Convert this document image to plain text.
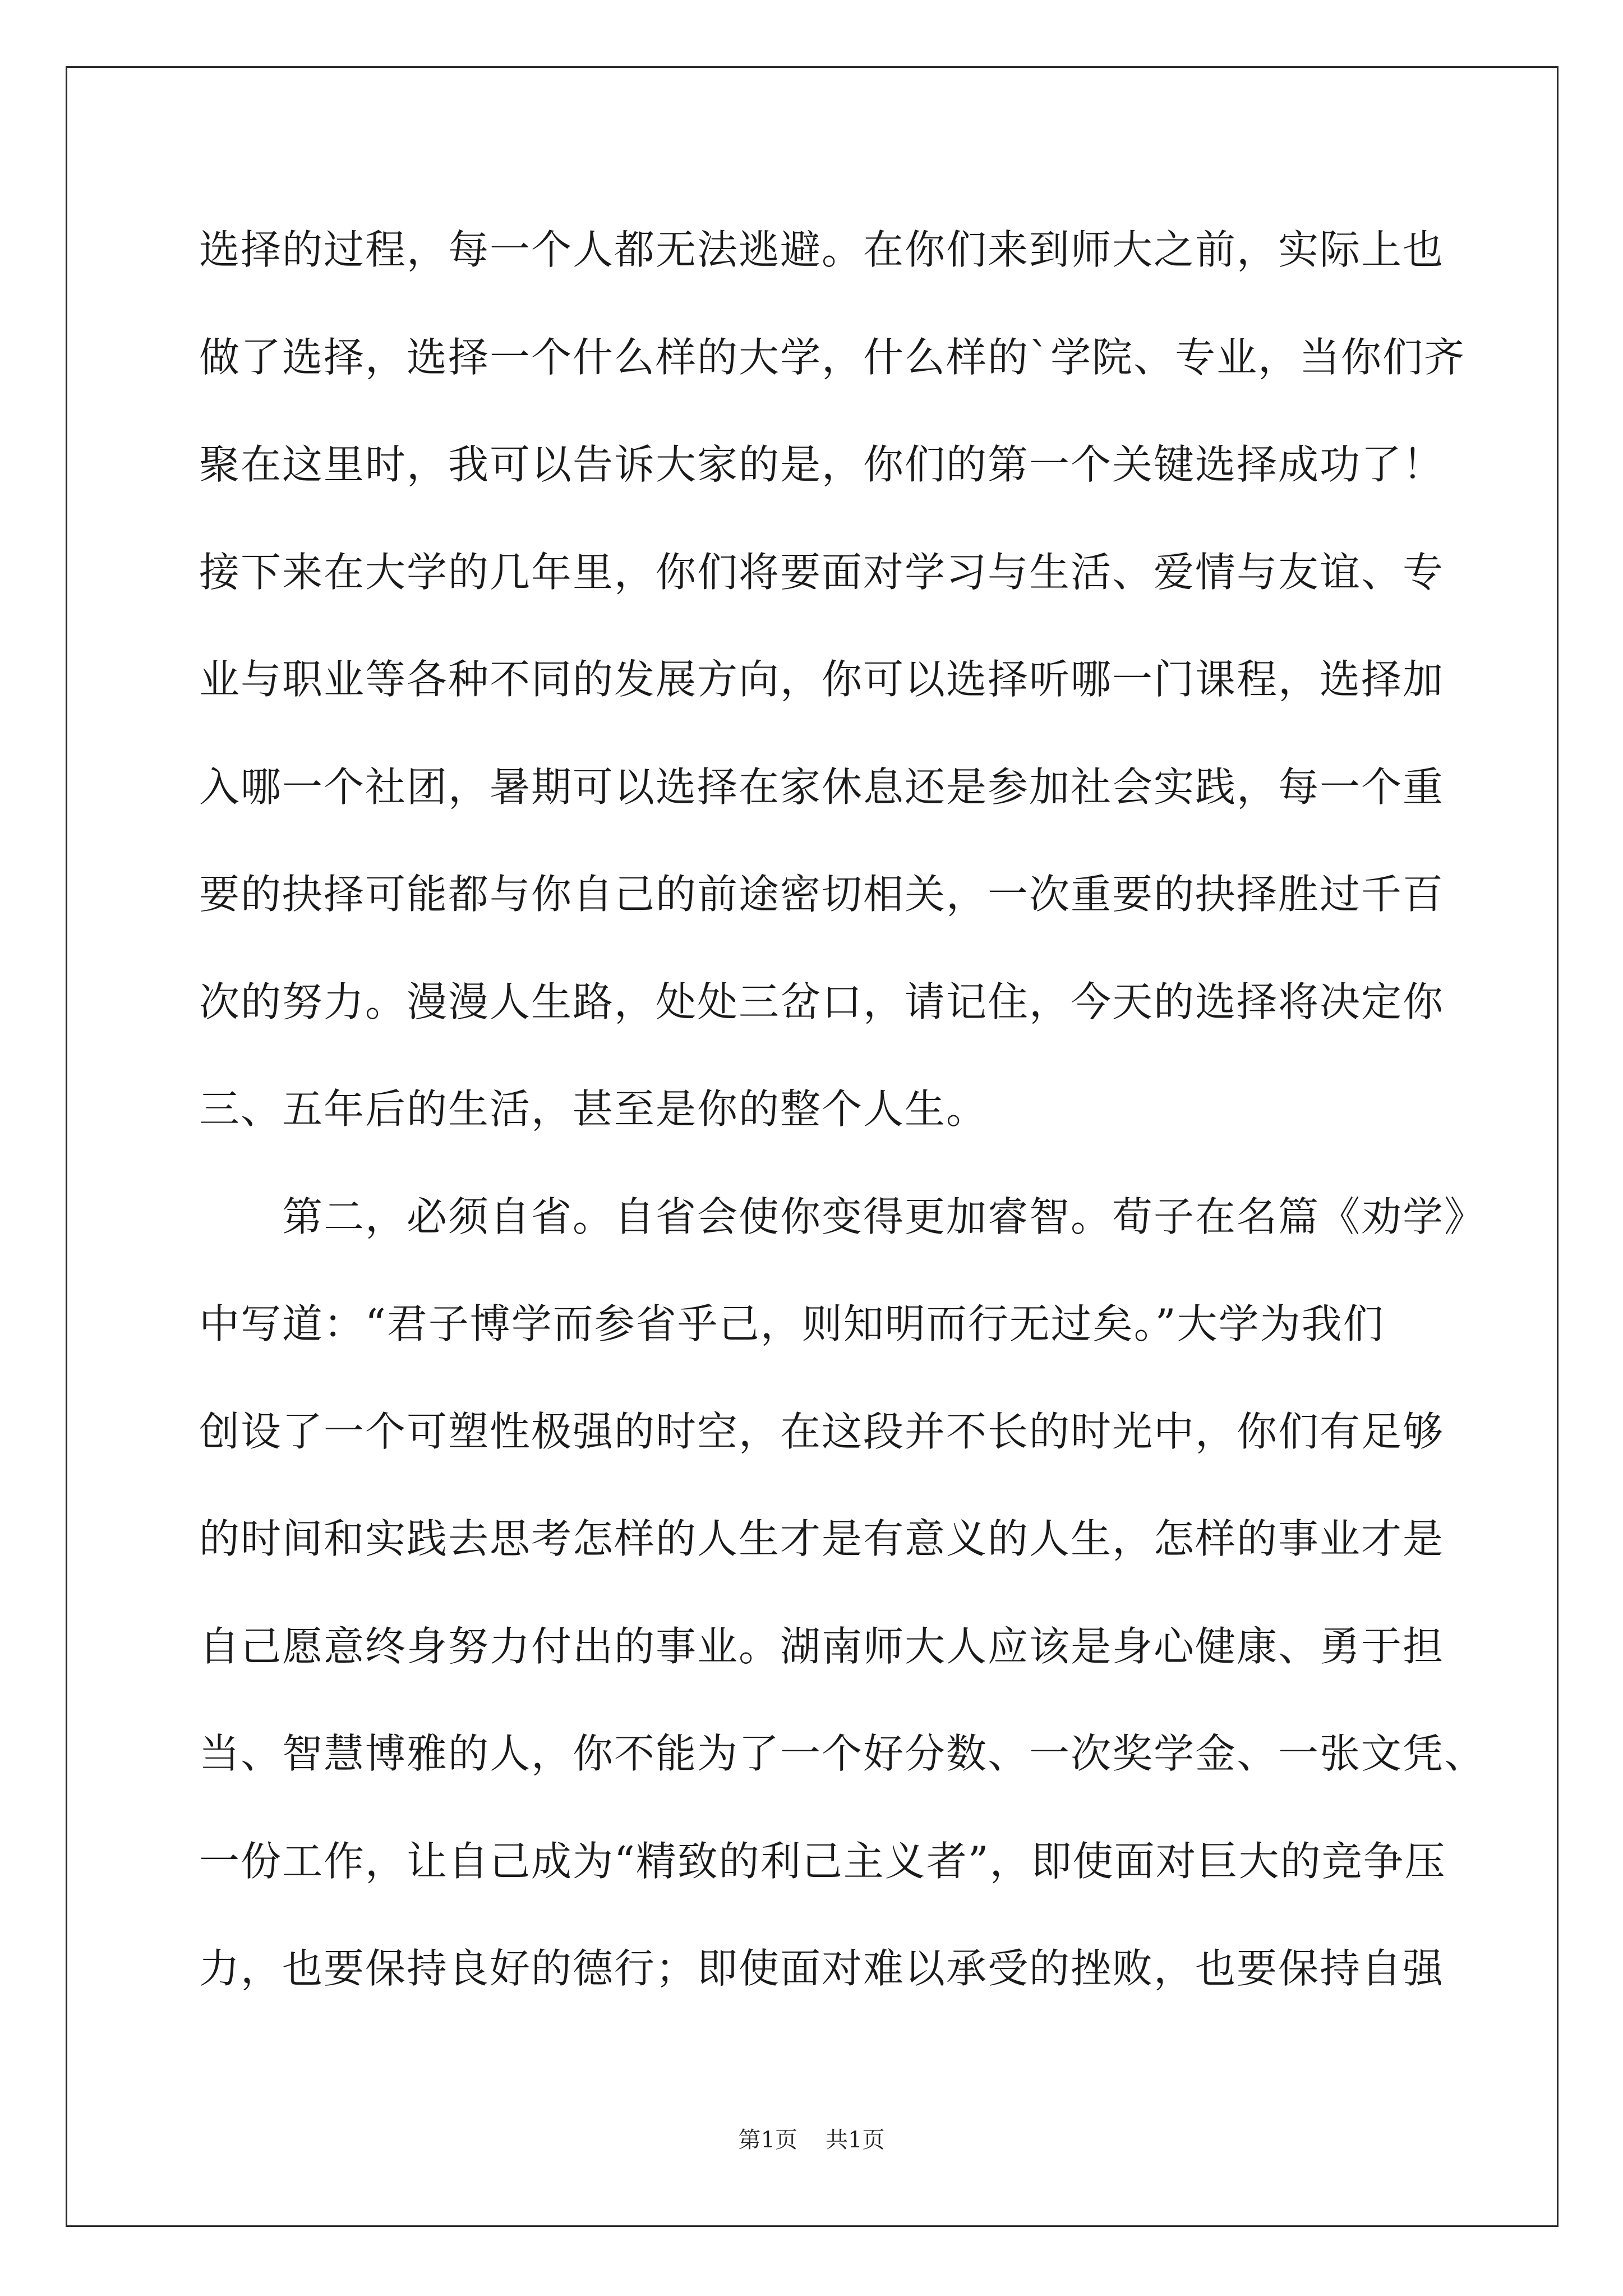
选择的过程，每一个人都无法逃避。在你们来到师大之前，实际上也
做了选择，选择一个什么样的大学，什么样的`学院、专业，当你们齐
聚在这里时，我可以告诉大家的是，你们的第一个关键选择成功了！
接下来在大学的几年里，你们将要面对学习与生活、爱情与友谊、专
业与职业等各种不同的发展方向，你可以选择听哪一门课程，选择加
入哪一个社团，暑期可以选择在家休息还是参加社会实践，每一个重
要的抉择可能都与你自己的前途密切相关，一次重要的抉择胜过千百
次的努力。漫漫人生路，处处三岔口，请记住，今天的选择将决定你
三、五年后的生活，甚至是你的整个人生。
第二，必须自省。自省会使你变得更加睿智。荀子在名篇《劝学》
中写道：“君子博学而参省乎己，则知明而行无过矣。”大学为我们
创设了一个可塑性极强的时空，在这段并不长的时光中，你们有足够
的时间和实践去思考怎样的人生才是有意义的人生，怎样的事业才是
自己愿意终身努力付出的事业。湖南师大人应该是身心健康、勇于担
当、智慧博雅的人，你不能为了一个好分数、一次奖学金、一张文凭、
一份工作，让自己成为“精致的利己主义者”，即使面对巨大的竞争压
力，也要保持良好的德行；即使面对难以承受的挫败，也要保持自强
第1页 共1页
